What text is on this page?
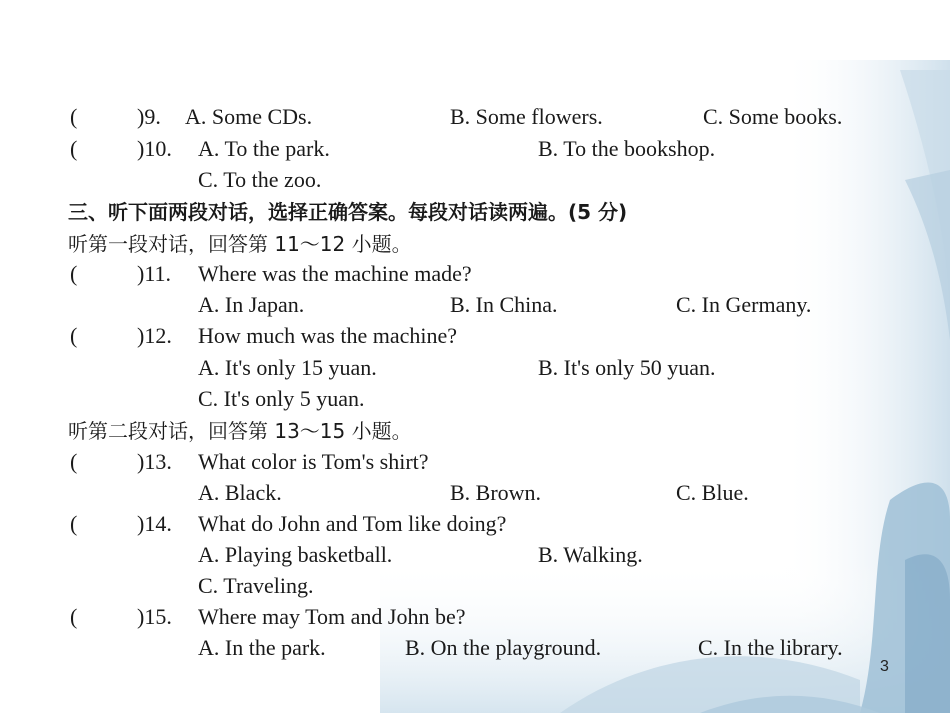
(	)9. A. Some CDs.	B. Some flowers.	C. Some books.
(	)10. A. To the park.	B. To the bookshop.
C. To the zoo.
三、听下面两段对话，选择正确答案。每段对话读两遍。(5 分)
听第一段对话，回答第 11～12 小题。
(	)11. Where was the machine made?
A. In Japan.	B. In China.	C. In Germany.
(	)12. How much was the machine?
A. It's only 15 yuan.	B. It's only 50 yuan.
C. It's only 5 yuan.
听第二段对话，回答第 13～15 小题。
(	)13. What color is Tom's shirt?
A. Black.	B. Brown.	C. Blue.
(	)14. What do John and Tom like doing?
A. Playing basketball.	B. Walking.
C. Traveling.
(	)15. Where may Tom and John be?
A. In the park.	B. On the playground.	C. In the library.
3
